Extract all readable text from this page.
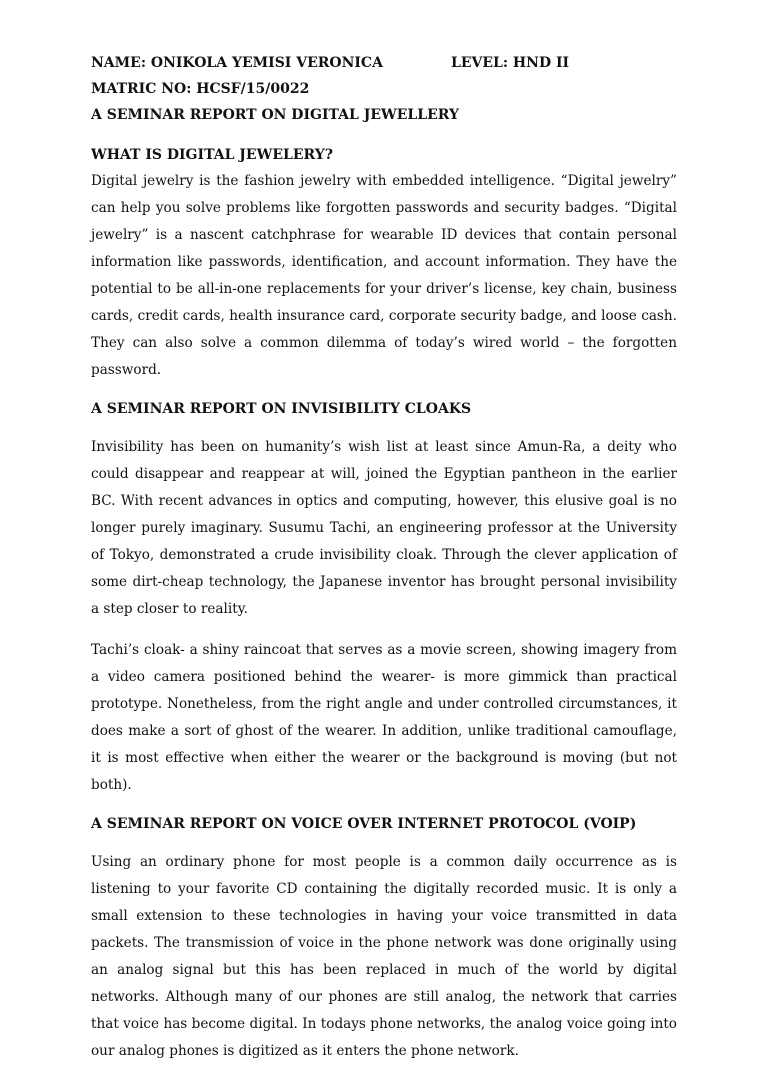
NAME: ONIKOLA YEMISI VERONICA	LEVEL: HND II
MATRIC NO: HCSF/15/0022
A SEMINAR REPORT ON DIGITAL JEWELLERY
WHAT IS DIGITAL JEWELERY?

Digital jewelry is the fashion jewelry with embedded intelligence. “Digital jewelry” can help you solve problems like forgotten passwords and security badges. “Digital jewelry” is a nascent catchphrase for wearable ID devices that contain personal information like passwords, identification, and account information. They have the potential to be all-in-one replacements for your driver’s license, key chain, business cards, credit cards, health insurance card, corporate security badge, and loose cash. They can also solve a common dilemma of today’s wired world – the forgotten password.

A SEMINAR REPORT ON INVISIBILITY CLOAKS

Invisibility has been on humanity’s wish list at least since Amun-Ra, a deity who could disappear and reappear at will, joined the Egyptian pantheon in the earlier BC. With recent advances in optics and computing, however, this elusive goal is no longer purely imaginary. Susumu Tachi, an engineering professor at the University of Tokyo, demonstrated a crude invisibility cloak. Through the clever application of some dirt-cheap technology, the Japanese inventor has brought personal invisibility a step closer to reality.

Tachi’s cloak- a shiny raincoat that serves as a movie screen, showing imagery from a video camera positioned behind the wearer- is more gimmick than practical prototype. Nonetheless, from the right angle and under controlled circumstances, it does make a sort of ghost of the wearer. In addition, unlike traditional camouflage, it is most effective when either the wearer or the background is moving (but not both).

A SEMINAR REPORT ON VOICE OVER INTERNET PROTOCOL (VOIP)

Using an ordinary phone for most people is a common daily occurrence as is listening to your favorite CD containing the digitally recorded music. It is only a small extension to these technologies in having your voice transmitted in data packets. The transmission of voice in the phone network was done originally using an analog signal but this has been replaced in much of the world by digital networks. Although many of our phones are still analog, the network that carries that voice has become digital. In todays phone networks, the analog voice going into our analog phones is digitized as it enters the phone network.
